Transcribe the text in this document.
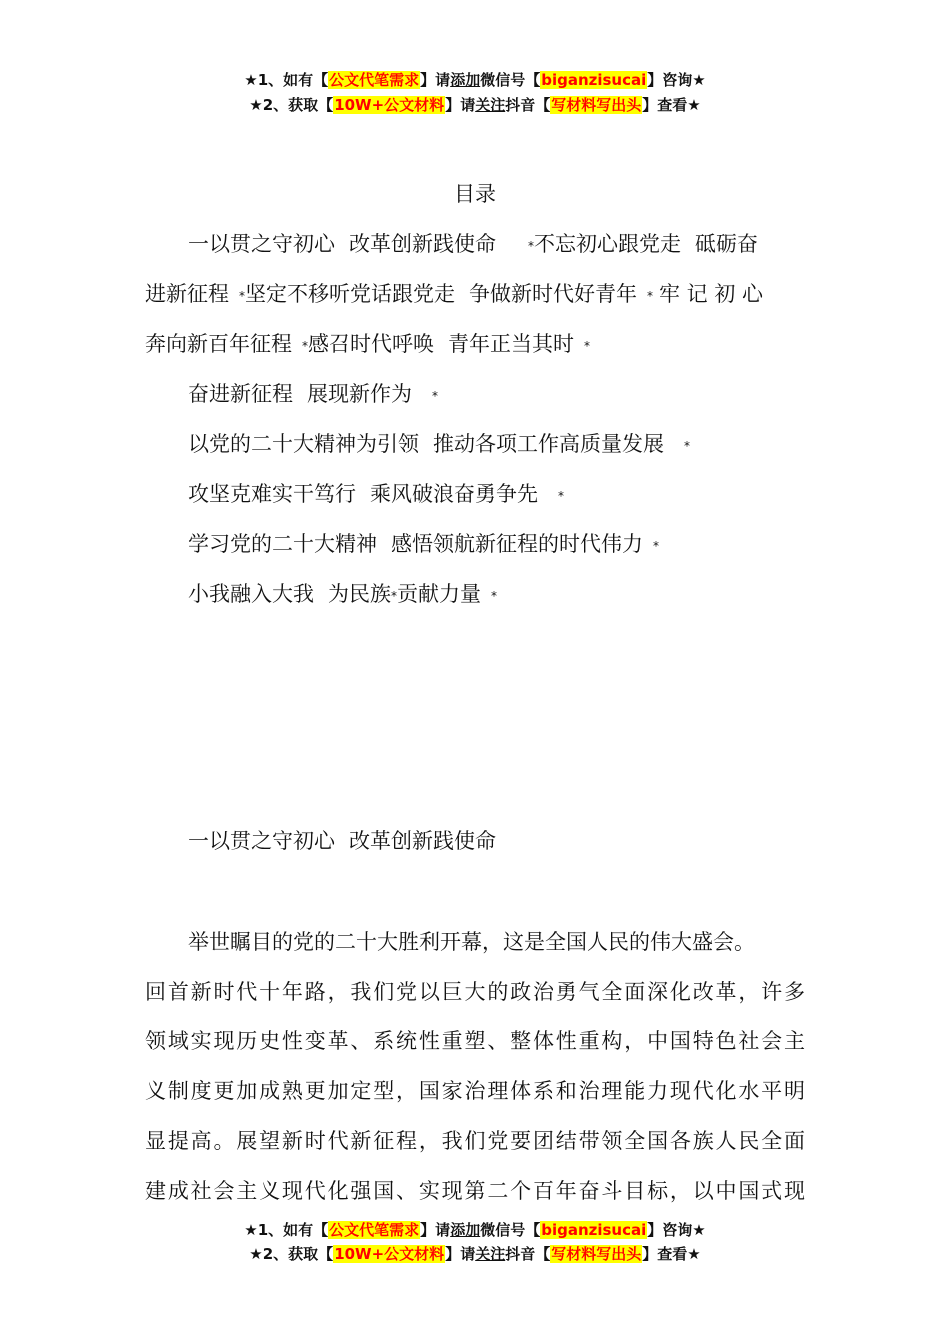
★1、如有【公文代笔需求】请添加微信号【biganzisucai】咨询★
★2、获取【10W+公文材料】请关注抖音【写材料写出头】查看★
目录
一以贯之守初心 改革创新践使命	*不忘初心跟党走 砥砺奋
进新征程 *坚定不移听党话跟党走 争做新时代好青年 * 牢 记 初 心
奔向新百年征程 *感召时代呼唤 青年正当其时 *
奋进新征程 展现新作为 *
以党的二十大精神为引领 推动各项工作高质量发展 *
攻坚克难实干笃行 乘风破浪奋勇争先 *
学习党的二十大精神 感悟领航新征程的时代伟力 *
小我融入大我 为民族*贡献力量 *
一以贯之守初心 改革创新践使命
举世瞩目的党的二十大胜利开幕，这是全国人民的伟大盛会。
回首新时代十年路，我们党以巨大的政治勇气全面深化改革，许多
领域实现历史性变革、系统性重塑、整体性重构，中国特色社会主
义制度更加成熟更加定型，国家治理体系和治理能力现代化水平明
显提高。展望新时代新征程，我们党要团结带领全国各族人民全面
建成社会主义现代化强国、实现第二个百年奋斗目标，以中国式现
★1、如有【公文代笔需求】请添加微信号【biganzisucai】咨询★
★2、获取【10W+公文材料】请关注抖音【写材料写出头】查看★
